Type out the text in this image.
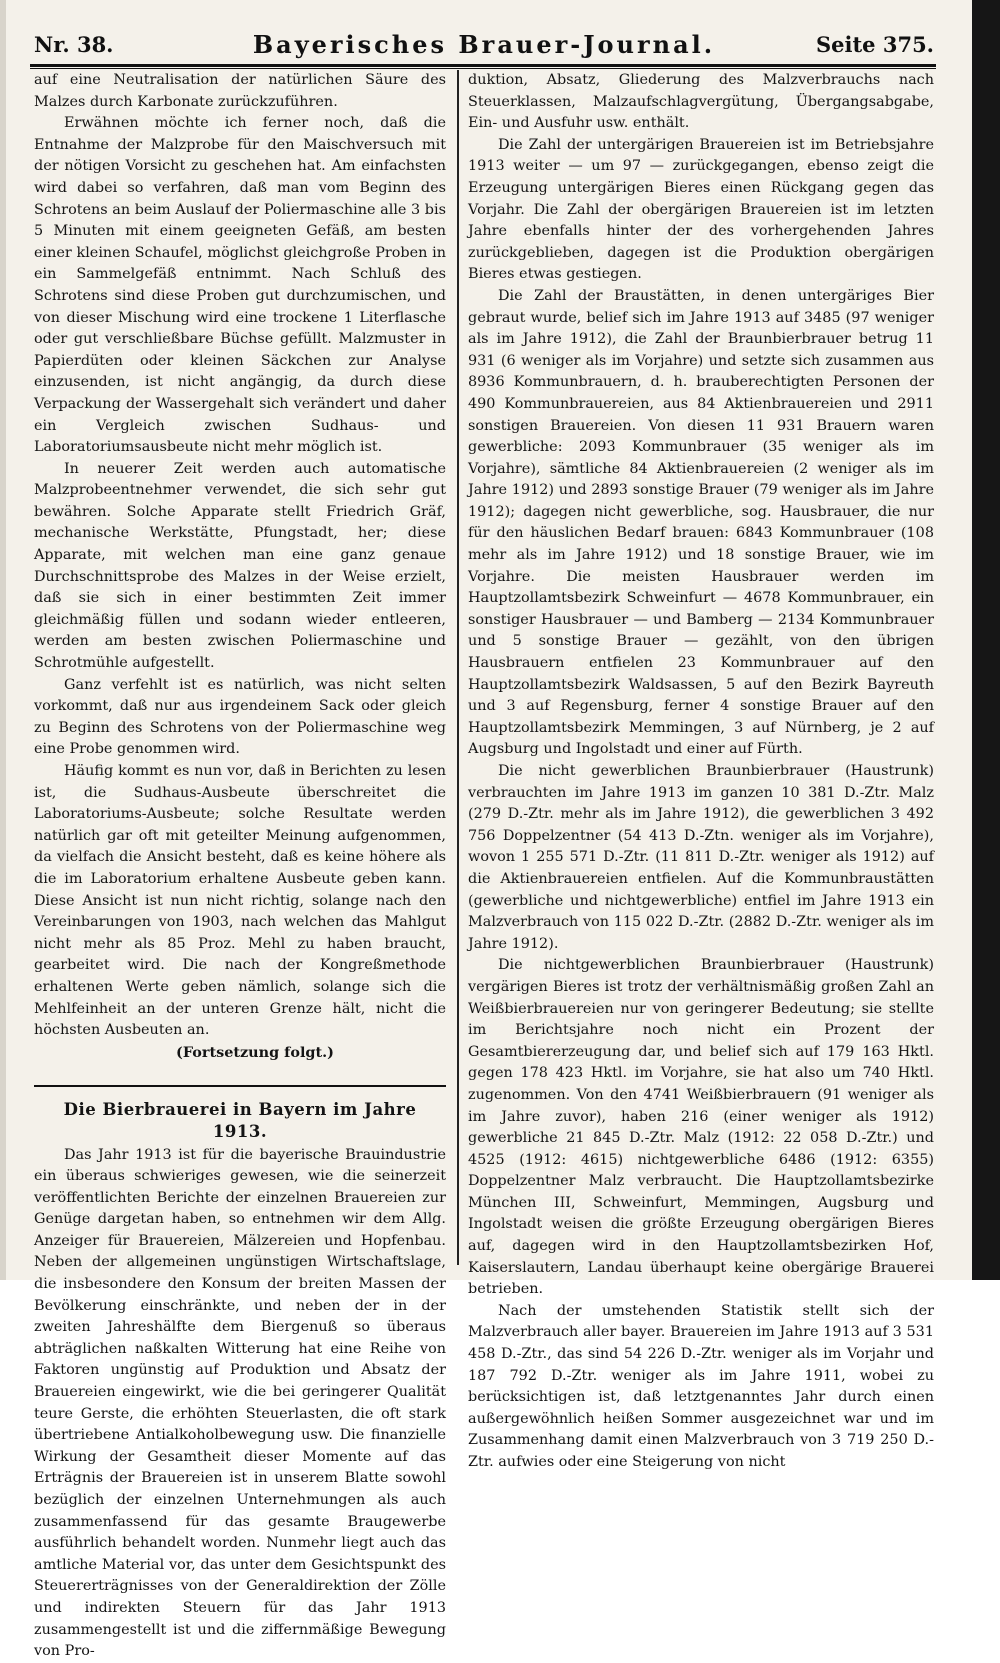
Nr. 38.	Bayerisches Brauer-Journal.	Seite 375.

auf eine Neutralisation der natürlichen Säure des Malzes durch Karbonate zurückzuführen.

Erwähnen möchte ich ferner noch, daß die Entnahme der Malzprobe für den Maischversuch mit der nötigen Vorsicht zu geschehen hat. Am einfachsten wird dabei so verfahren, daß man vom Beginn des Schrotens an beim Auslauf der Poliermaschine alle 3 bis 5 Minuten mit einem geeigneten Gefäß, am besten einer kleinen Schaufel, möglichst gleichgroße Proben in ein Sammelgefäß entnimmt. Nach Schluß des Schrotens sind diese Proben gut durchzumischen, und von dieser Mischung wird eine trockene 1 Literflasche oder gut verschließbare Büchse gefüllt. Malzmuster in Papierdüten oder kleinen Säckchen zur Analyse einzusenden, ist nicht angängig, da durch diese Verpackung der Wassergehalt sich verändert und daher ein Vergleich zwischen Sudhaus- und Laboratoriumsausbeute nicht mehr möglich ist.

In neuerer Zeit werden auch automatische Malzprobeentnehmer verwendet, die sich sehr gut bewähren. Solche Apparate stellt Friedrich Gräf, mechanische Werkstätte, Pfungstadt, her; diese Apparate, mit welchen man eine ganz genaue Durchschnittsprobe des Malzes in der Weise erzielt, daß sie sich in einer bestimmten Zeit immer gleichmäßig füllen und sodann wieder entleeren, werden am besten zwischen Poliermaschine und Schrotmühle aufgestellt.

Ganz verfehlt ist es natürlich, was nicht selten vorkommt, daß nur aus irgendeinem Sack oder gleich zu Beginn des Schrotens von der Poliermaschine weg eine Probe genommen wird.

Häufig kommt es nun vor, daß in Berichten zu lesen ist, die Sudhaus-Ausbeute überschreitet die Laboratoriums-Ausbeute; solche Resultate werden natürlich gar oft mit geteilter Meinung aufgenommen, da vielfach die Ansicht besteht, daß es keine höhere als die im Laboratorium erhaltene Ausbeute geben kann. Diese Ansicht ist nun nicht richtig, solange nach den Vereinbarungen von 1903, nach welchen das Mahlgut nicht mehr als 85 Proz. Mehl zu haben braucht, gearbeitet wird. Die nach der Kongreßmethode erhaltenen Werte geben nämlich, solange sich die Mehlfeinheit an der unteren Grenze hält, nicht die höchsten Ausbeuten an.

(Fortsetzung folgt.)

Die Bierbrauerei in Bayern im Jahre 1913.

Das Jahr 1913 ist für die bayerische Brauindustrie ein überaus schwieriges gewesen, wie die seinerzeit veröffentlichten Berichte der einzelnen Brauereien zur Genüge dargetan haben, so entnehmen wir dem Allg. Anzeiger für Brauereien, Mälzereien und Hopfenbau. Neben der allgemeinen ungünstigen Wirtschaftslage, die insbesondere den Konsum der breiten Massen der Bevölkerung einschränkte, und neben der in der zweiten Jahreshälfte dem Biergenuß so überaus abträglichen naßkalten Witterung hat eine Reihe von Faktoren ungünstig auf Produktion und Absatz der Brauereien eingewirkt, wie die bei geringerer Qualität teure Gerste, die erhöhten Steuerlasten, die oft stark übertriebene Antialkoholbewegung usw. Die finanzielle Wirkung der Gesamtheit dieser Momente auf das Erträgnis der Brauereien ist in unserem Blatte sowohl bezüglich der einzelnen Unternehmungen als auch zusammenfassend für das gesamte Braugewerbe ausführlich behandelt worden. Nunmehr liegt auch das amtliche Material vor, das unter dem Gesichtspunkt des Steuererträgnisses von der Generaldirektion der Zölle und indirekten Steuern für das Jahr 1913 zusammengestellt ist und die ziffernmäßige Bewegung von Pro-

duktion, Absatz, Gliederung des Malzverbrauchs nach Steuerklassen, Malzaufschlagvergütung, Übergangsabgabe, Ein- und Ausfuhr usw. enthält.

Die Zahl der untergärigen Brauereien ist im Betriebsjahre 1913 weiter — um 97 — zurückgegangen, ebenso zeigt die Erzeugung untergärigen Bieres einen Rückgang gegen das Vorjahr. Die Zahl der obergärigen Brauereien ist im letzten Jahre ebenfalls hinter der des vorhergehenden Jahres zurückgeblieben, dagegen ist die Produktion obergärigen Bieres etwas gestiegen.

Die Zahl der Braustätten, in denen untergäriges Bier gebraut wurde, belief sich im Jahre 1913 auf 3485 (97 weniger als im Jahre 1912), die Zahl der Braunbierbrauer betrug 11 931 (6 weniger als im Vorjahre) und setzte sich zusammen aus 8936 Kommunbrauern, d. h. brauberechtigten Personen der 490 Kommunbrauereien, aus 84 Aktienbrauereien und 2911 sonstigen Brauereien. Von diesen 11 931 Brauern waren gewerbliche: 2093 Kommunbrauer (35 weniger als im Vorjahre), sämtliche 84 Aktienbrauereien (2 weniger als im Jahre 1912) und 2893 sonstige Brauer (79 weniger als im Jahre 1912); dagegen nicht gewerbliche, sog. Hausbrauer, die nur für den häuslichen Bedarf brauen: 6843 Kommunbrauer (108 mehr als im Jahre 1912) und 18 sonstige Brauer, wie im Vorjahre. Die meisten Hausbrauer werden im Hauptzollamtsbezirk Schweinfurt — 4678 Kommunbrauer, ein sonstiger Hausbrauer — und Bamberg — 2134 Kommunbrauer und 5 sonstige Brauer — gezählt, von den übrigen Hausbrauern entfielen 23 Kommunbrauer auf den Hauptzollamtsbezirk Waldsassen, 5 auf den Bezirk Bayreuth und 3 auf Regensburg, ferner 4 sonstige Brauer auf den Hauptzollamtsbezirk Memmingen, 3 auf Nürnberg, je 2 auf Augsburg und Ingolstadt und einer auf Fürth.

Die nicht gewerblichen Braunbierbrauer (Haustrunk) verbrauchten im Jahre 1913 im ganzen 10 381 D.-Ztr. Malz (279 D.-Ztr. mehr als im Jahre 1912), die gewerblichen 3 492 756 Doppelzentner (54 413 D.-Ztn. weniger als im Vorjahre), wovon 1 255 571 D.-Ztr. (11 811 D.-Ztr. weniger als 1912) auf die Aktienbrauereien entfielen. Auf die Kommunbraustätten (gewerbliche und nichtgewerbliche) entfiel im Jahre 1913 ein Malzverbrauch von 115 022 D.-Ztr. (2882 D.-Ztr. weniger als im Jahre 1912).

Die nichtgewerblichen Braunbierbrauer (Haustrunk) vergärigen Bieres ist trotz der verhältnismäßig großen Zahl an Weißbierbrauereien nur von geringerer Bedeutung; sie stellte im Berichtsjahre noch nicht ein Prozent der Gesamtbiererzeugung dar, und belief sich auf 179 163 Hktl. gegen 178 423 Hktl. im Vorjahre, sie hat also um 740 Hktl. zugenommen. Von den 4741 Weißbierbrauern (91 weniger als im Jahre zuvor), haben 216 (einer weniger als 1912) gewerbliche 21 845 D.-Ztr. Malz (1912: 22 058 D.-Ztr.) und 4525 (1912: 4615) nichtgewerbliche 6486 (1912: 6355) Doppelzentner Malz verbraucht. Die Hauptzollamtsbezirke München III, Schweinfurt, Memmingen, Augsburg und Ingolstadt weisen die größte Erzeugung obergärigen Bieres auf, dagegen wird in den Hauptzollamtsbezirken Hof, Kaiserslautern, Landau überhaupt keine obergärige Brauerei betrieben.

Nach der umstehenden Statistik stellt sich der Malzverbrauch aller bayer. Brauereien im Jahre 1913 auf 3 531 458 D.-Ztr., das sind 54 226 D.-Ztr. weniger als im Vorjahr und 187 792 D.-Ztr. weniger als im Jahre 1911, wobei zu berücksichtigen ist, daß letztgenanntes Jahr durch einen außergewöhnlich heißen Sommer ausgezeichnet war und im Zusammenhang damit einen Malzverbrauch von 3 719 250 D.-Ztr. aufwies oder eine Steigerung von nicht
